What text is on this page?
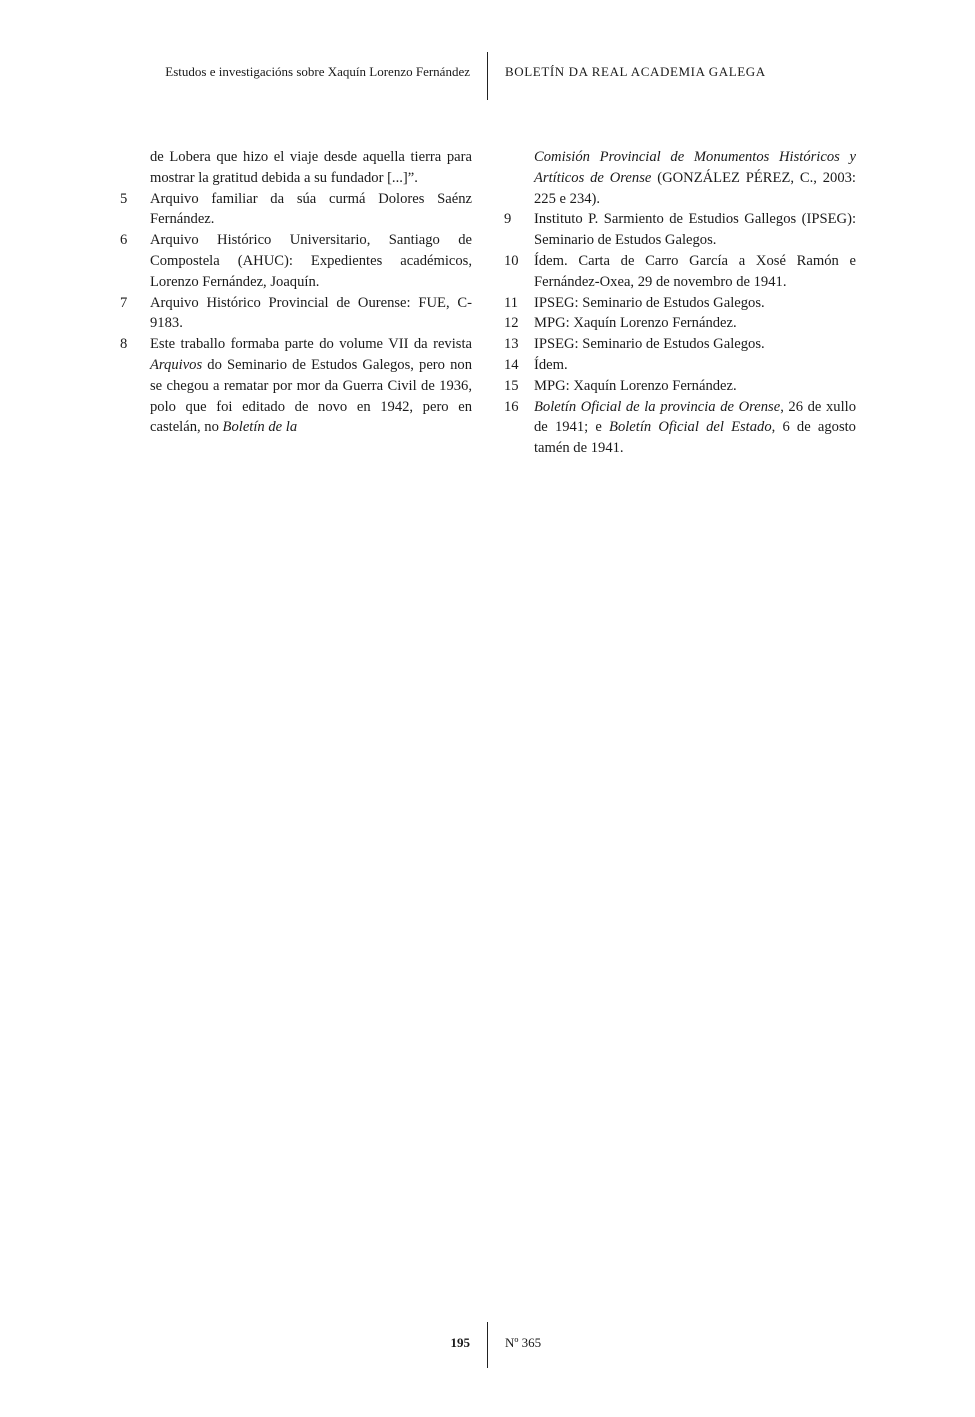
Estudos e investigacións sobre Xaquín Lorenzo Fernández	BOLETÍN DA REAL ACADEMIA GALEGA
de Lobera que hizo el viaje desde aquella tierra para mostrar la gratitud debida a su fundador [...]”.
5	Arquivo familiar da súa curmá Dolores Saénz Fernández.
6	Arquivo Histórico Universitario, Santiago de Compostela (AHUC): Expedientes académicos, Lorenzo Fernández, Joaquín.
7	Arquivo Histórico Provincial de Ourense: FUE, C-9183.
8	Este traballo formaba parte do volume VII da revista Arquivos do Seminario de Estudos Galegos, pero non se chegou a rematar por mor da Guerra Civil de 1936, polo que foi editado de novo en 1942, pero en castelán, no Boletín de la
Comisión Provincial de Monumentos Históricos y Artíticos de Orense (GONZÁLEZ PÉREZ, C., 2003: 225 e 234).
9	Instituto P. Sarmiento de Estudios Gallegos (IPSEG): Seminario de Estudos Galegos.
10	Ídem. Carta de Carro García a Xosé Ramón e Fernández-Oxea, 29 de novembro de 1941.
11	IPSEG: Seminario de Estudos Galegos.
12	MPG: Xaquín Lorenzo Fernández.
13	IPSEG: Seminario de Estudos Galegos.
14	Ídem.
15	MPG: Xaquín Lorenzo Fernández.
16	Boletín Oficial de la provincia de Orense, 26 de xullo de 1941; e Boletín Oficial del Estado, 6 de agosto tamén de 1941.
195	Nº 365
